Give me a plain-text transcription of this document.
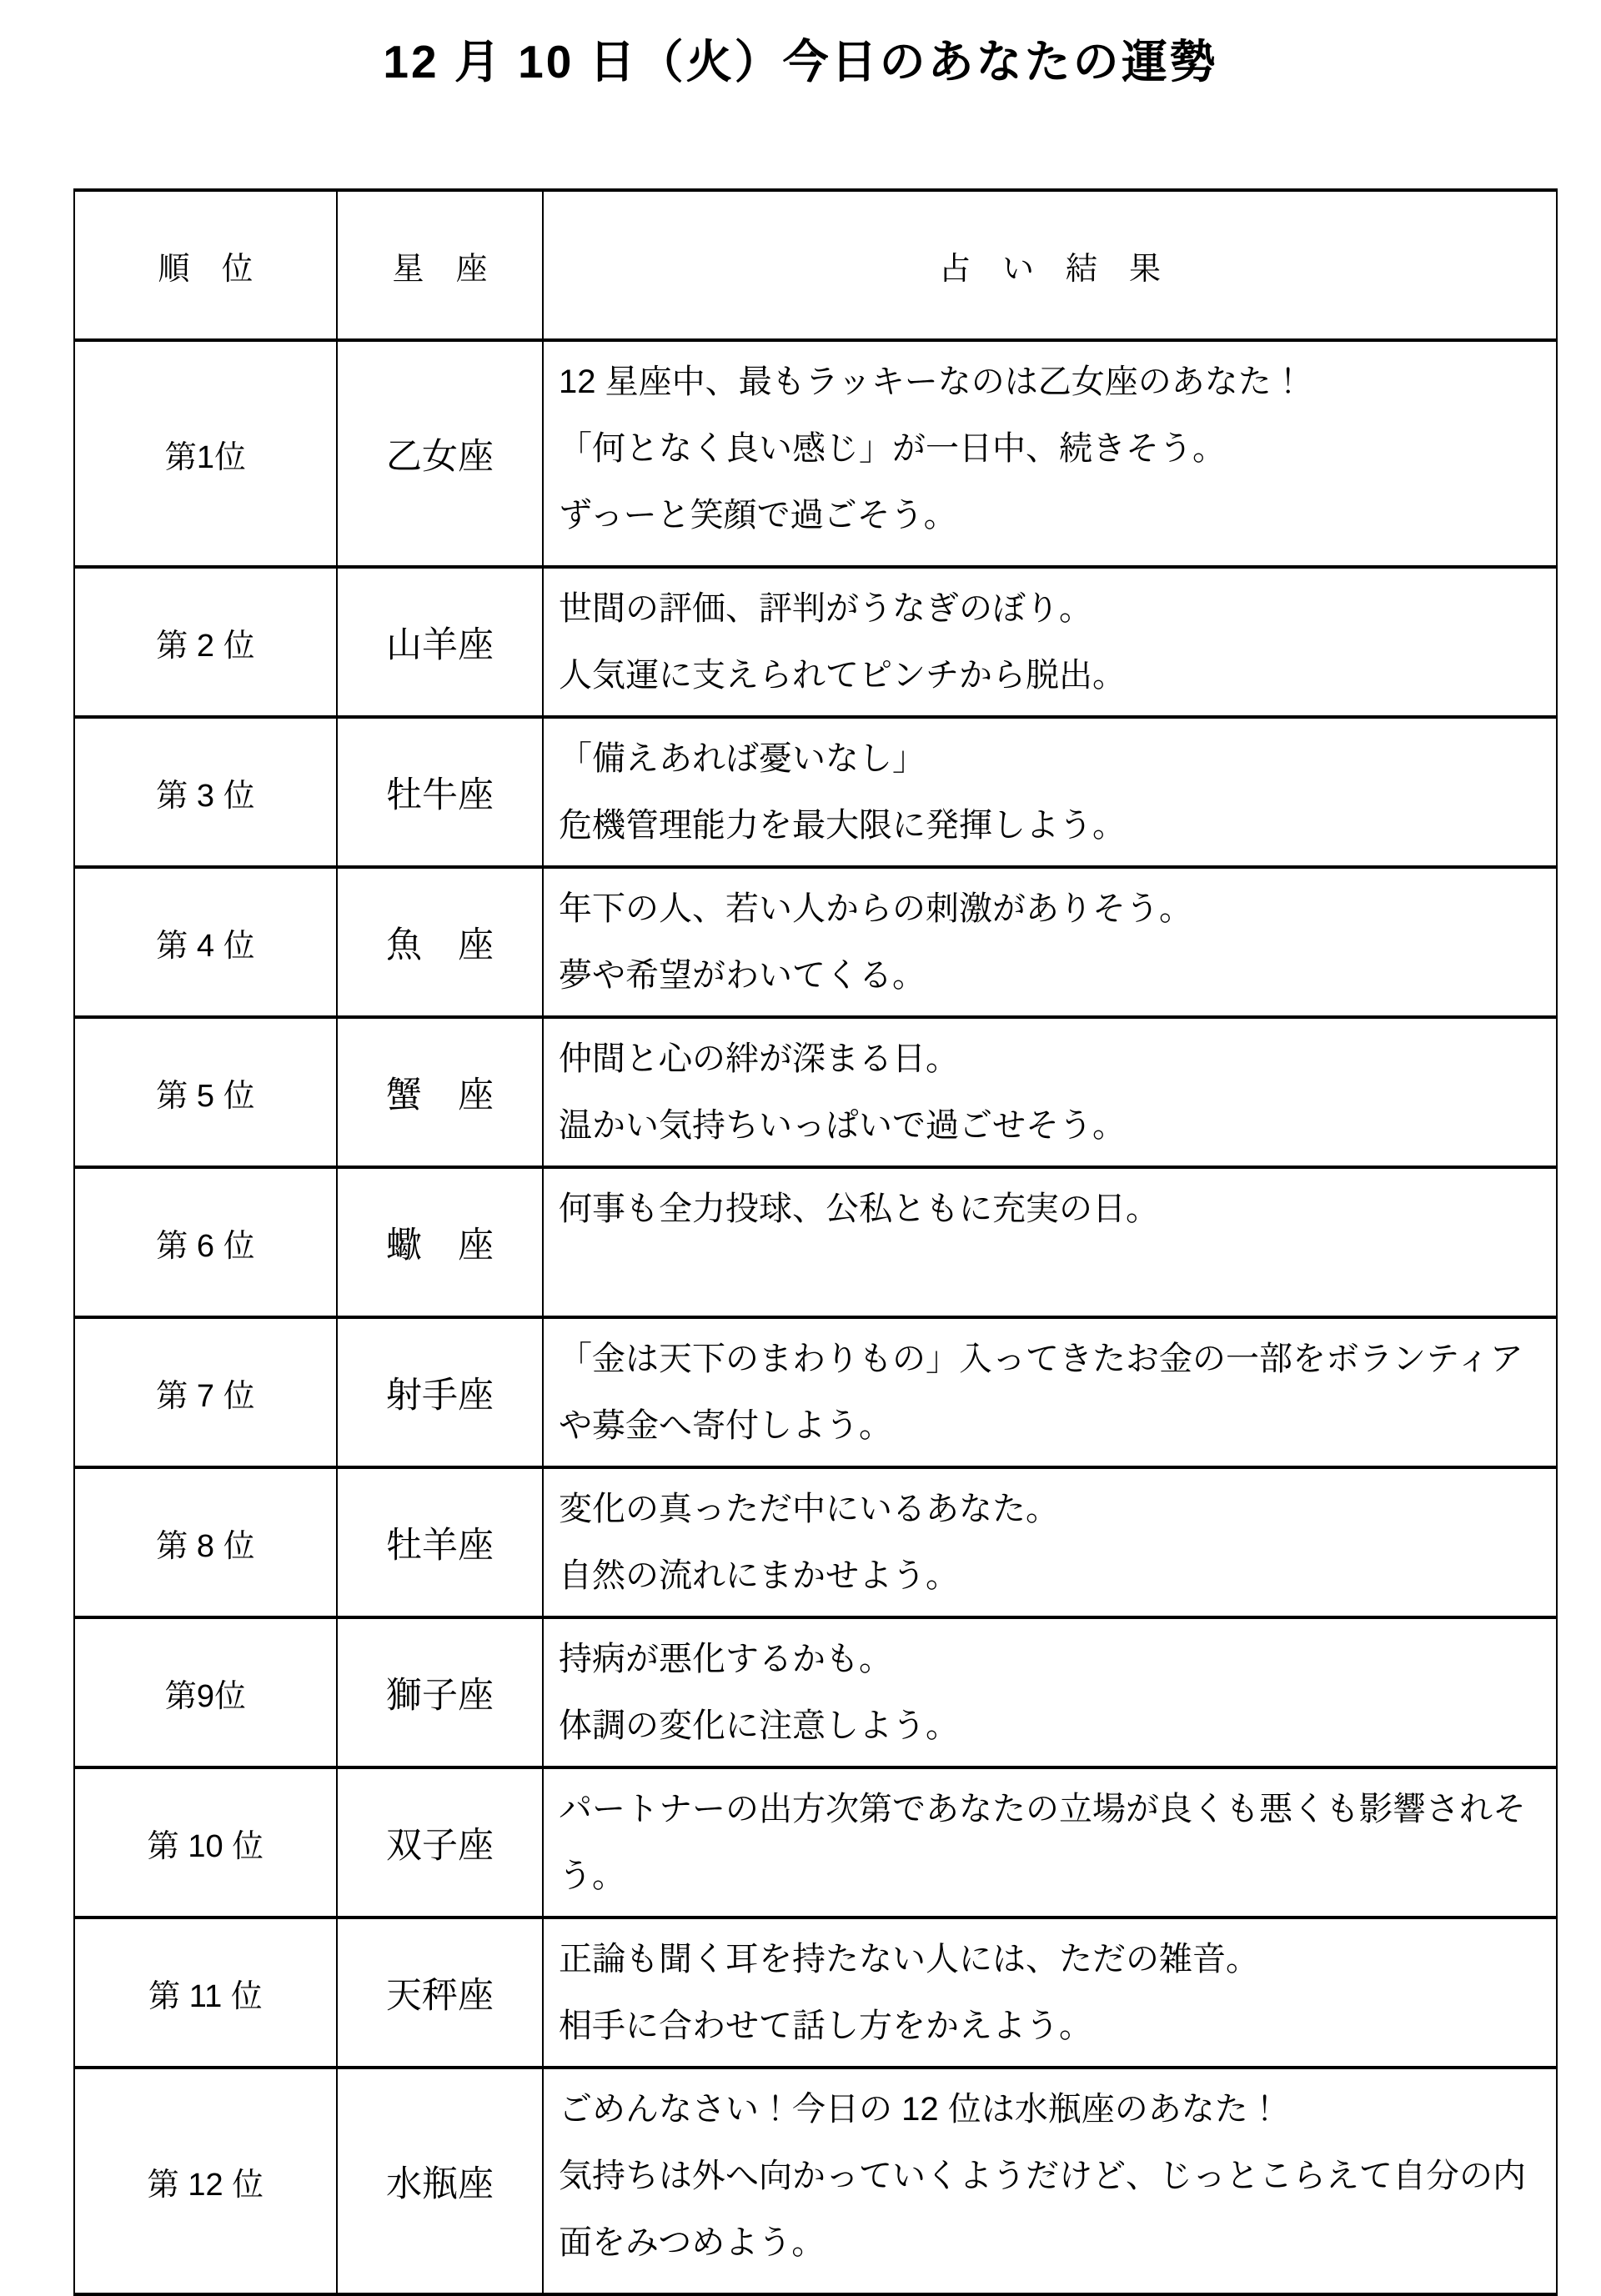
12 月 10 日（火）今日のあなたの運勢
順　位	星　座	占　い　結　果
第1位	乙女座	12 星座中、最もラッキーなのは乙女座のあなた！
「何となく良い感じ」が一日中、続きそう。
ずっーと笑顔で過ごそう。

第 2 位	山羊座	世間の評価、評判がうなぎのぼり。
人気運に支えられてピンチから脱出。

第 3 位	牡牛座	「備えあれば憂いなし」
危機管理能力を最大限に発揮しよう。

第 4 位	魚　座	年下の人、若い人からの刺激がありそう。
夢や希望がわいてくる。

第 5 位	蟹　座	仲間と心の絆が深まる日。
温かい気持ちいっぱいで過ごせそう。

第 6 位	蠍　座	何事も全力投球、公私ともに充実の日。

第 7 位	射手座	「金は天下のまわりもの」入ってきたお金の一部をボランティア
や募金へ寄付しよう。

第 8 位	牡羊座	変化の真っただ中にいるあなた。
自然の流れにまかせよう。

第9位	獅子座	持病が悪化するかも。
体調の変化に注意しよう。

第 10 位	双子座	パートナーの出方次第であなたの立場が良くも悪くも影響されそ
う。

第 11 位	天秤座	正論も聞く耳を持たない人には、ただの雑音。
相手に合わせて話し方をかえよう。

第 12 位	水瓶座	ごめんなさい！今日の 12 位は水瓶座のあなた！
気持ちは外へ向かっていくようだけど、じっとこらえて自分の内
面をみつめよう。
